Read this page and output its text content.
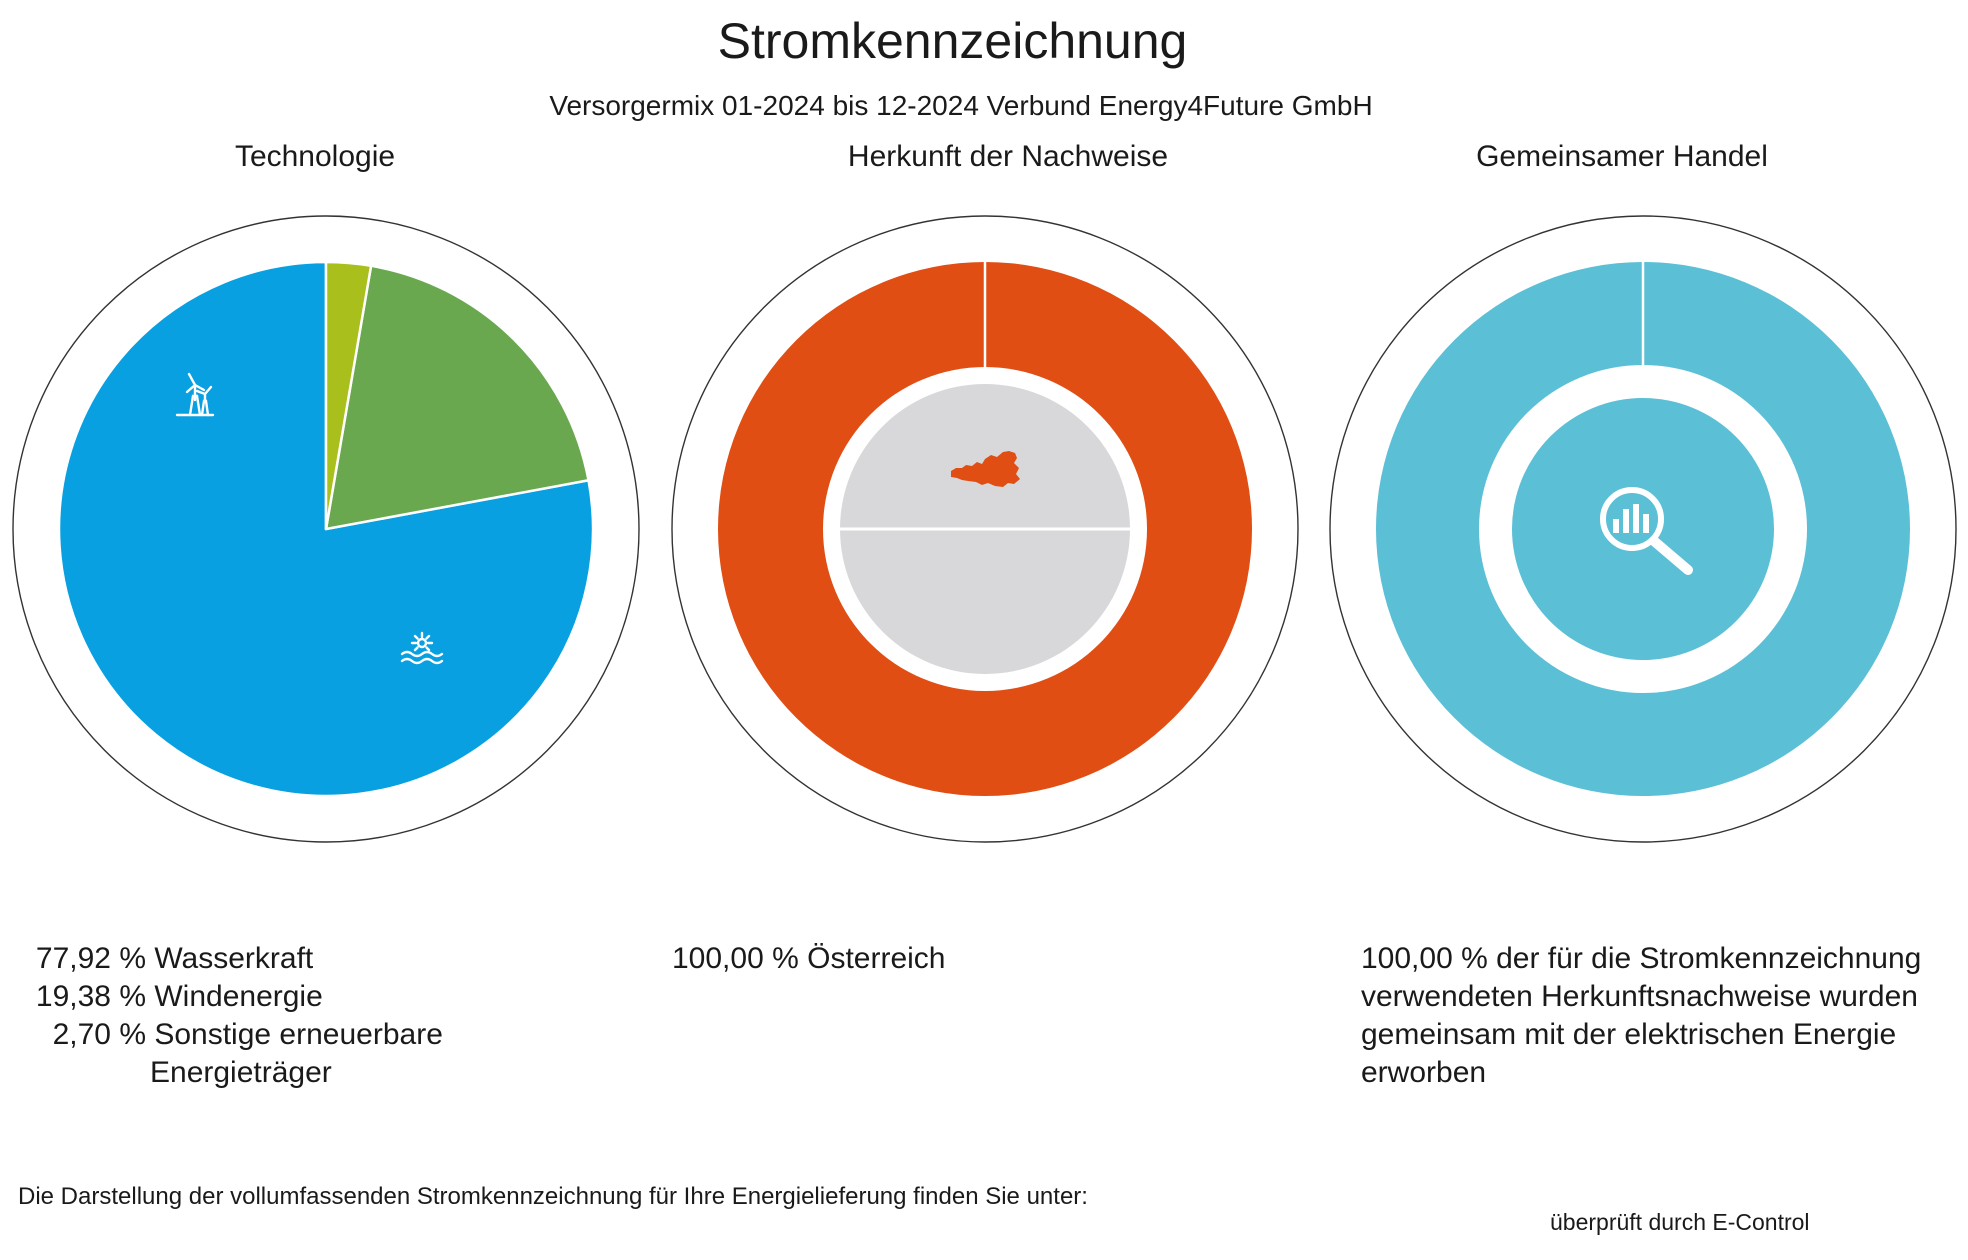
Stromkennzeichnung
Versorgermix 01-2024 bis 12-2024 Verbund Energy4Future GmbH
Technologie	Herkunft der Nachweise	Gemeinsamer Handel
77,92 %
Wasserkraft
19,38 %
Windenergie
2,70 %
Sonstige erneuerbare
Energieträger
100,00 % Österreich	100,00 % der für die Stromkennzeichnung verwendeten Herkunftsnachweise wurden gemeinsam mit der elektrischen Energie erworben
Die Darstellung der vollumfassenden Stromkennzeichnung für Ihre Energielieferung finden Sie unter:
überprüft durch E-Control
